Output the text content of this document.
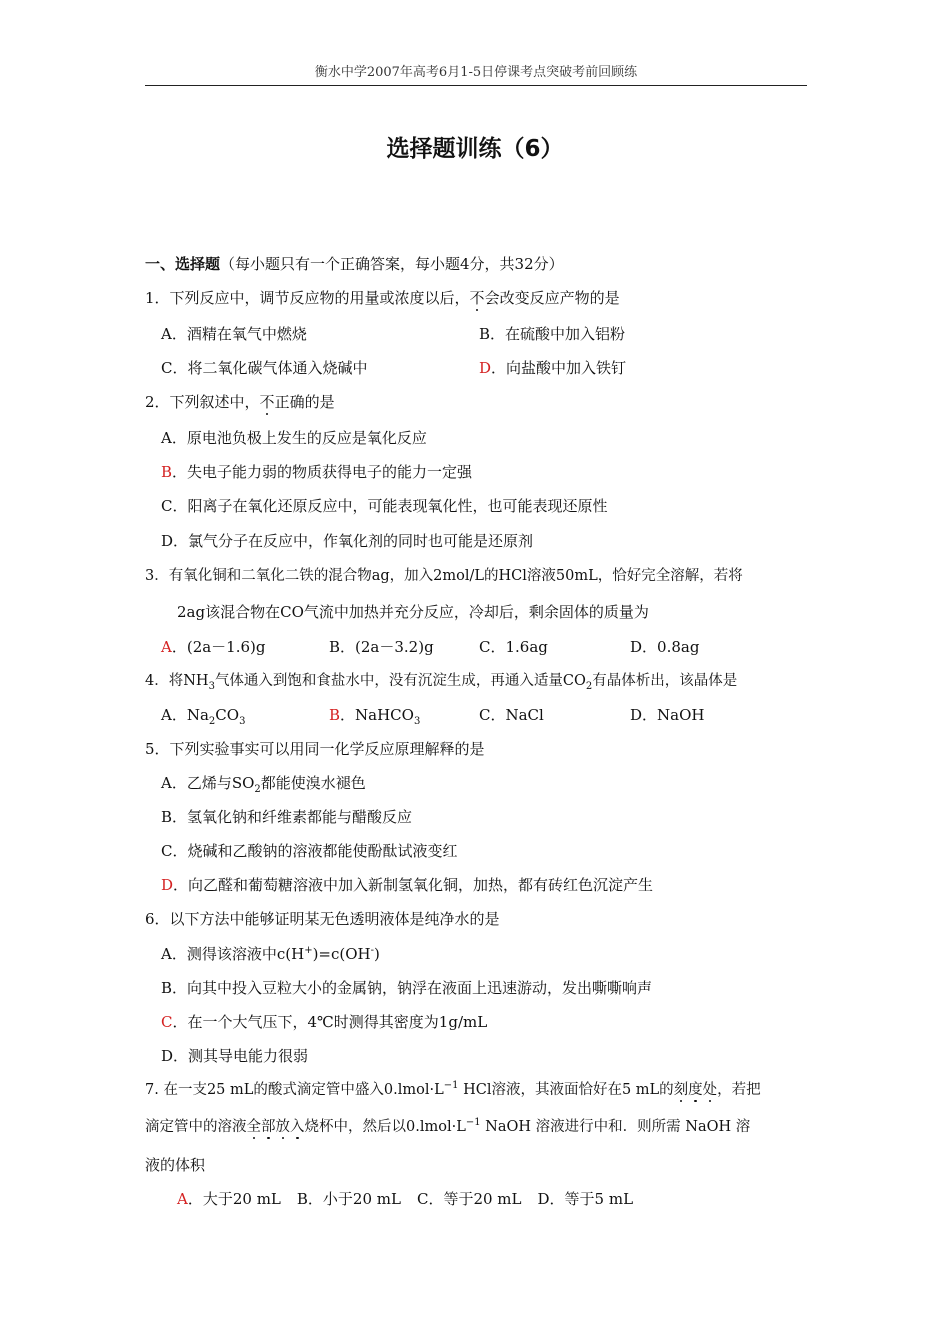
衡水中学2007年高考6月1-5日停课考点突破考前回顾练
选择题训练（6）
一、选择题（每小题只有一个正确答案，每小题4分，共32分）
1．下列反应中，调节反应物的用量或浓度以后，不会改变反应产物的是
A．酒精在氧气中燃烧	B．在硫酸中加入铝粉
C．将二氧化碳气体通入烧碱中	D．向盐酸中加入铁钉
2．下列叙述中，不正确的是
A．原电池负极上发生的反应是氧化反应
B．失电子能力弱的物质获得电子的能力一定强
C．阳离子在氧化还原反应中，可能表现氧化性，也可能表现还原性
D．氯气分子在反应中，作氧化剂的同时也可能是还原剂
3．有氧化铜和二氧化二铁的混合物ag，加入2mol/L的HCl溶液50mL，恰好完全溶解，若将
2ag该混合物在CO气流中加热并充分反应，冷却后，剩余固体的质量为
A．(2a－1.6)g	B．(2a－3.2)g	C．1.6ag	D．0.8ag
4．将$NH_3$气体通入到饱和食盐水中，没有沉淀生成，再通入适量$CO_2$有晶体析出，该晶体是
A．$Na_2CO_3$	B．NaHCO$_3$	C．NaCl	D．NaOH
5．下列实验事实可以用同一化学反应原理解释的是
A．乙烯与$SO_2$都能使溴水褪色
B．氢氧化钠和纤维素都能与醋酸反应
C．烧碱和乙酸钠的溶液都能使酚酞试液变红
D．向乙醛和葡萄糖溶液中加入新制氢氧化铜，加热，都有砖红色沉淀产生
6．以下方法中能够证明某无色透明液体是纯净水的是
A．测得该溶液中c(H+)=c(OH-)
B．向其中投入豆粒大小的金属钠，钠浮在液面上迅速游动，发出嘶嘶响声
C．在一个大气压下，4℃时测得其密度为1g/mL
D．测其导电能力很弱
7. 在一支25 mL的酸式滴定管中盛入$0.lmol\cdot L^{-1}$ HCl溶液，其液面恰好在5 mL的刻度处，若把
滴定管中的溶液全部放入烧杯中，然后以$0.lmol\cdot L^{-1}$ NaOH 溶液进行中和．则所需 NaOH 溶
液的体积
A．大于20 mL B．小于20 mL C．等于20 mL D．等于5 mL
